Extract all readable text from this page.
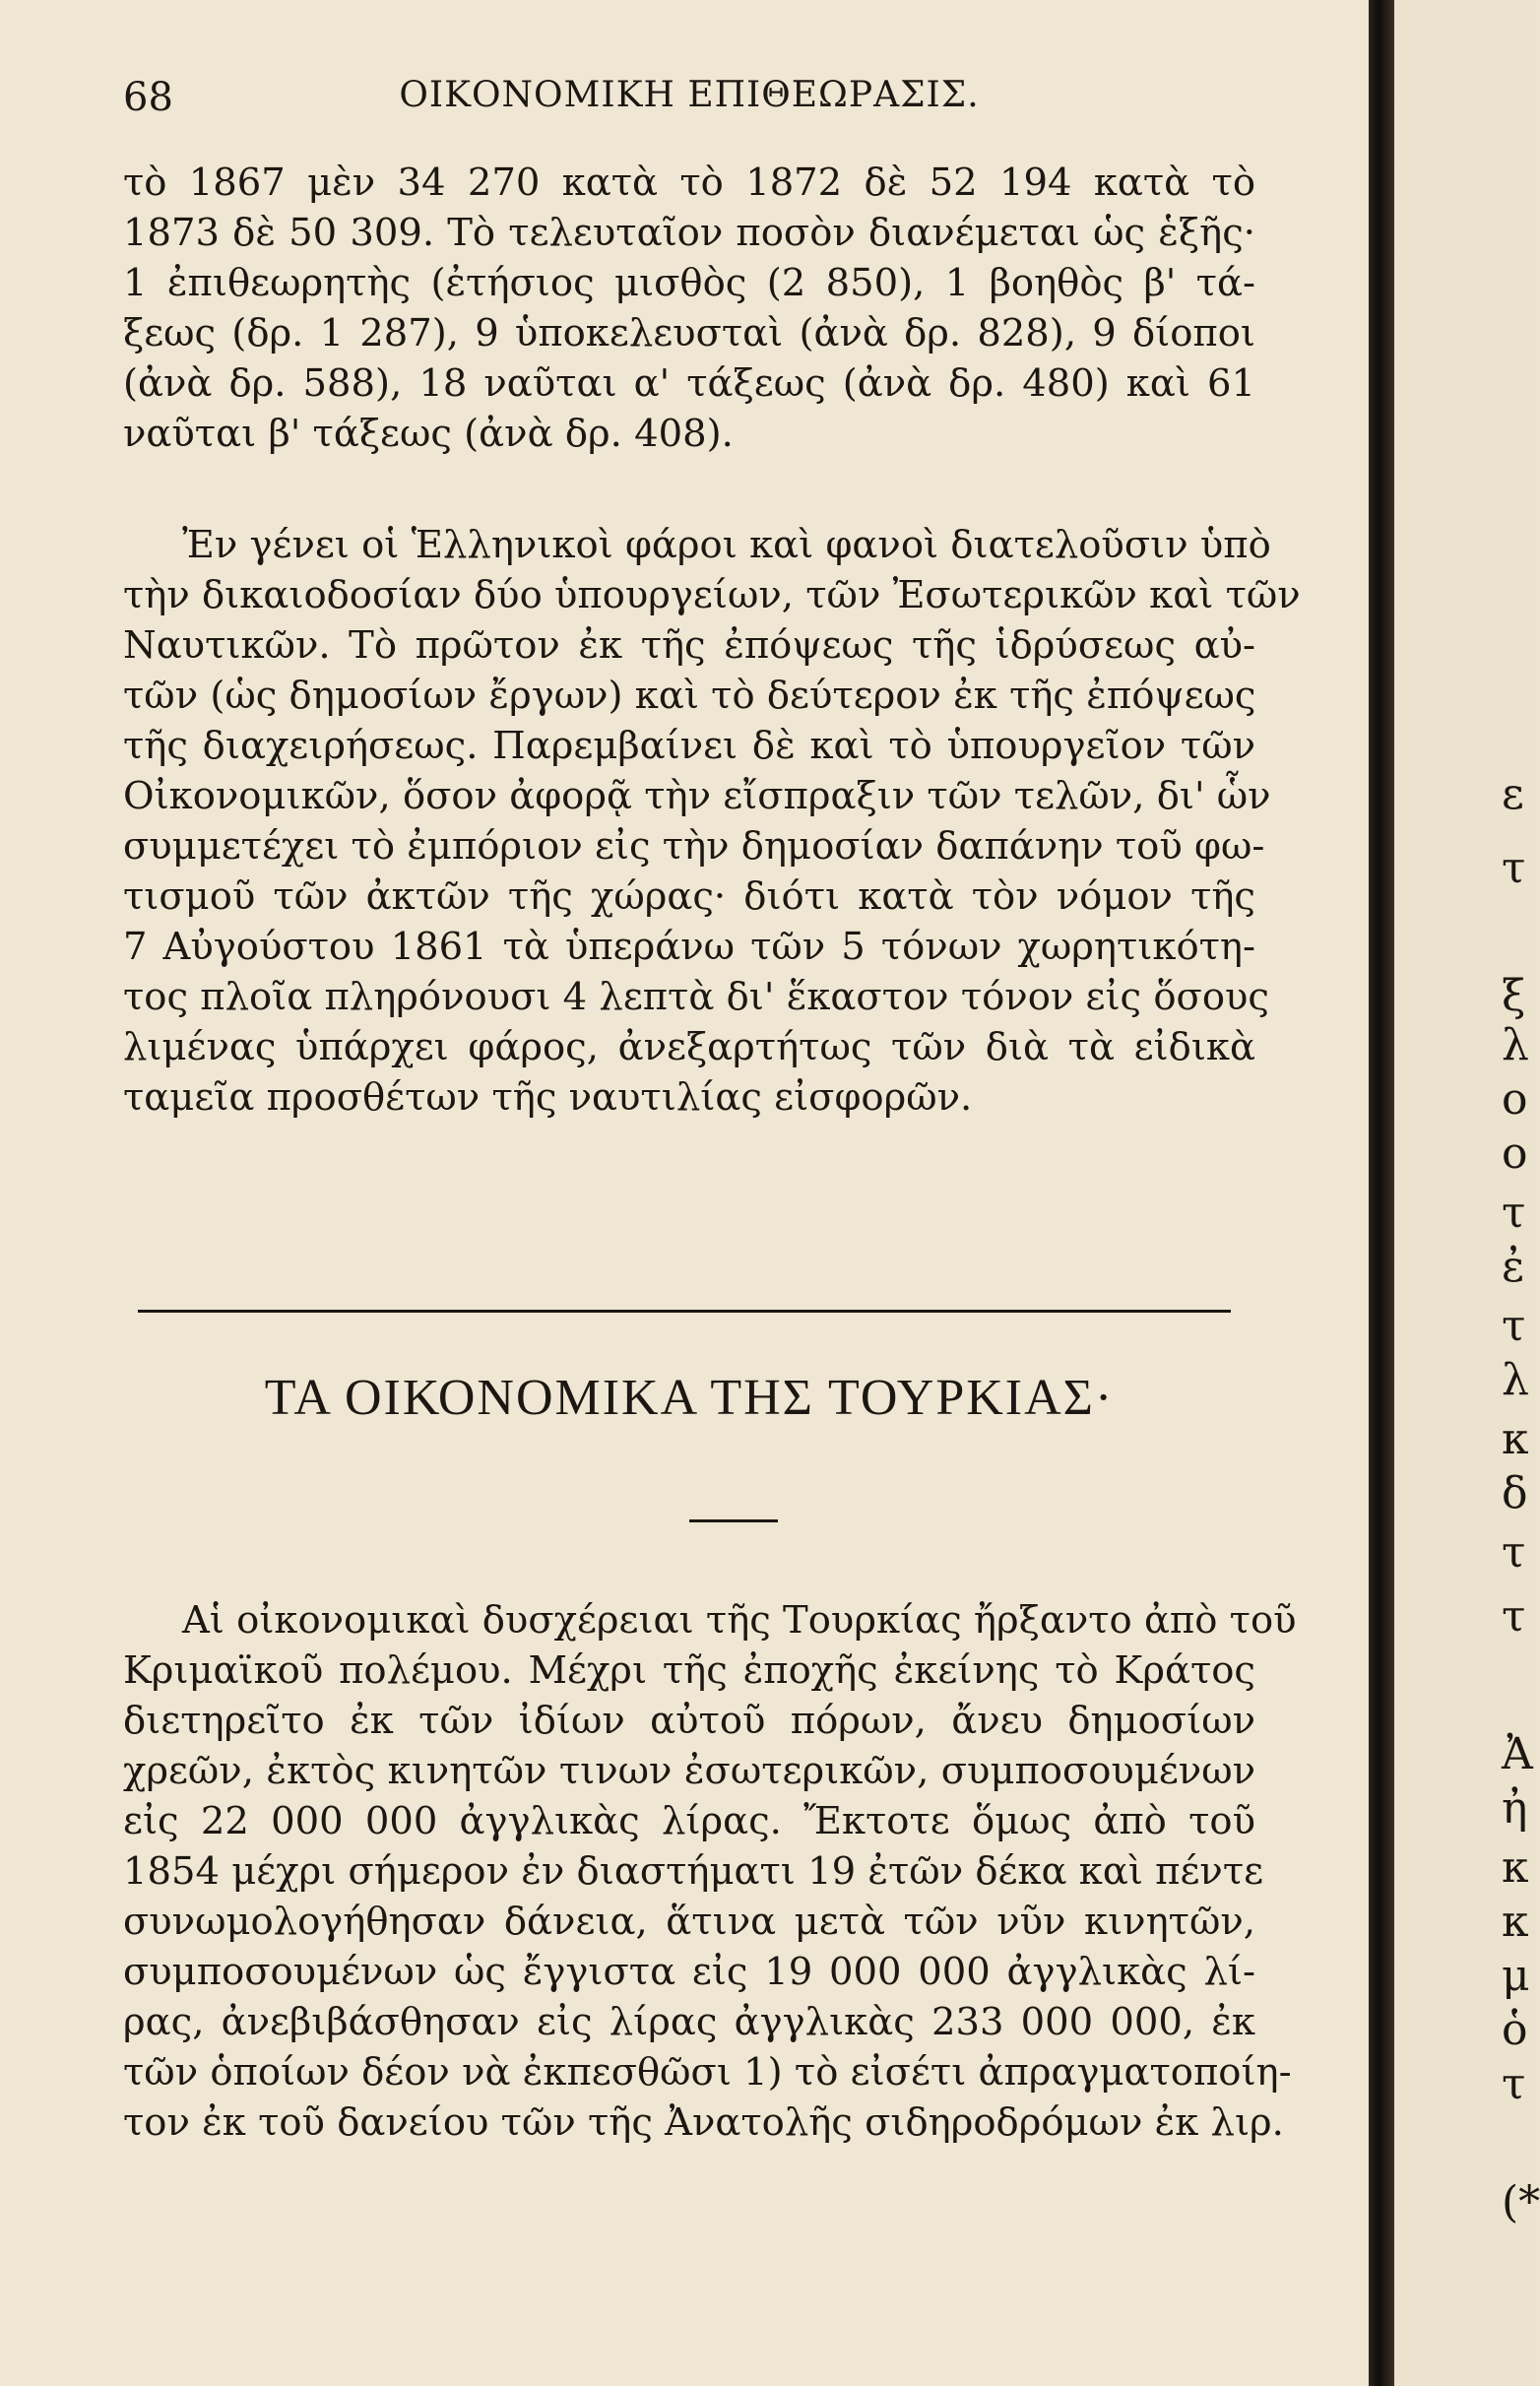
68	ΟΙΚΟΝΟΜΙΚΗ ΕΠΙΘΕΩΡΑΣΙΣ.
τὸ 1867 μὲν 34 270 κατὰ τὸ 1872 δὲ 52 194 κατὰ τὸ
1873 δὲ 50 309. Τὸ τελευταῖον ποσὸν διανέμεται ὡς ἑξῆς·
1 ἐπιθεωρητὴς (ἐτήσιος μισθὸς (2 850), 1 βοηθὸς β' τά-
ξεως (δρ. 1 287), 9 ὑποκελευσταὶ (ἀνὰ δρ. 828), 9 δίοποι
(ἀνὰ δρ. 588), 18 ναῦται α' τάξεως (ἀνὰ δρ. 480) καὶ 61
ναῦται β' τάξεως (ἀνὰ δρ. 408).
Ἐν γένει οἱ Ἑλληνικοὶ φάροι καὶ φανοὶ διατελοῦσιν ὑπὸ
τὴν δικαιοδοσίαν δύο ὑπουργείων, τῶν Ἐσωτερικῶν καὶ τῶν
Ναυτικῶν. Τὸ πρῶτον ἐκ τῆς ἐπόψεως τῆς ἱδρύσεως αὐ-
τῶν (ὡς δημοσίων ἔργων) καὶ τὸ δεύτερον ἐκ τῆς ἐπόψεως
τῆς διαχειρήσεως. Παρεμβαίνει δὲ καὶ τὸ ὑπουργεῖον τῶν
Οἰκονομικῶν, ὅσον ἀφορᾷ τὴν εἴσπραξιν τῶν τελῶν, δι' ὧν
συμμετέχει τὸ ἐμπόριον εἰς τὴν δημοσίαν δαπάνην τοῦ φω-
τισμοῦ τῶν ἀκτῶν τῆς χώρας· διότι κατὰ τὸν νόμον τῆς
7 Αὐγούστου 1861 τὰ ὑπεράνω τῶν 5 τόνων χωρητικότη-
τος πλοῖα πληρόνουσι 4 λεπτὰ δι' ἕκαστον τόνον εἰς ὅσους
λιμένας ὑπάρχει φάρος, ἀνεξαρτήτως τῶν διὰ τὰ εἰδικὰ
ταμεῖα προσθέτων τῆς ναυτιλίας εἰσφορῶν.
ΤΑ ΟΙΚΟΝΟΜΙΚΑ ΤΗΣ ΤΟΥΡΚΙΑΣ·
Αἱ οἰκονομικαὶ δυσχέρειαι τῆς Τουρκίας ἤρξαντο ἀπὸ τοῦ
Κριμαϊκοῦ πολέμου. Μέχρι τῆς ἐποχῆς ἐκείνης τὸ Κράτος
διετηρεῖτο ἐκ τῶν ἰδίων αὐτοῦ πόρων, ἄνευ δημοσίων
χρεῶν, ἐκτὸς κινητῶν τινων ἐσωτερικῶν, συμποσουμένων
εἰς 22 000 000 ἀγγλικὰς λίρας. Ἔκτοτε ὅμως ἀπὸ τοῦ
1854 μέχρι σήμερον ἐν διαστήματι 19 ἐτῶν δέκα καὶ πέντε
συνωμολογήθησαν δάνεια, ἅτινα μετὰ τῶν νῦν κινητῶν,
συμποσουμένων ὡς ἔγγιστα εἰς 19 000 000 ἀγγλικὰς λί-
ρας, ἀνεβιβάσθησαν εἰς λίρας ἀγγλικὰς 233 000 000, ἐκ
τῶν ὁποίων δέον νὰ ἐκπεσθῶσι 1) τὸ εἰσέτι ἀπραγματοποίη-
τον ἐκ τοῦ δανείου τῶν τῆς Ἀνατολῆς σιδηροδρόμων ἐκ λιρ.
ε
τ
ξ
λ
ο
ο
τ
ἐ
τ
λ
κ
δ
τ
τ
Ἀ
ἠ
κ
κ
μ
ὁ
τ
(*
